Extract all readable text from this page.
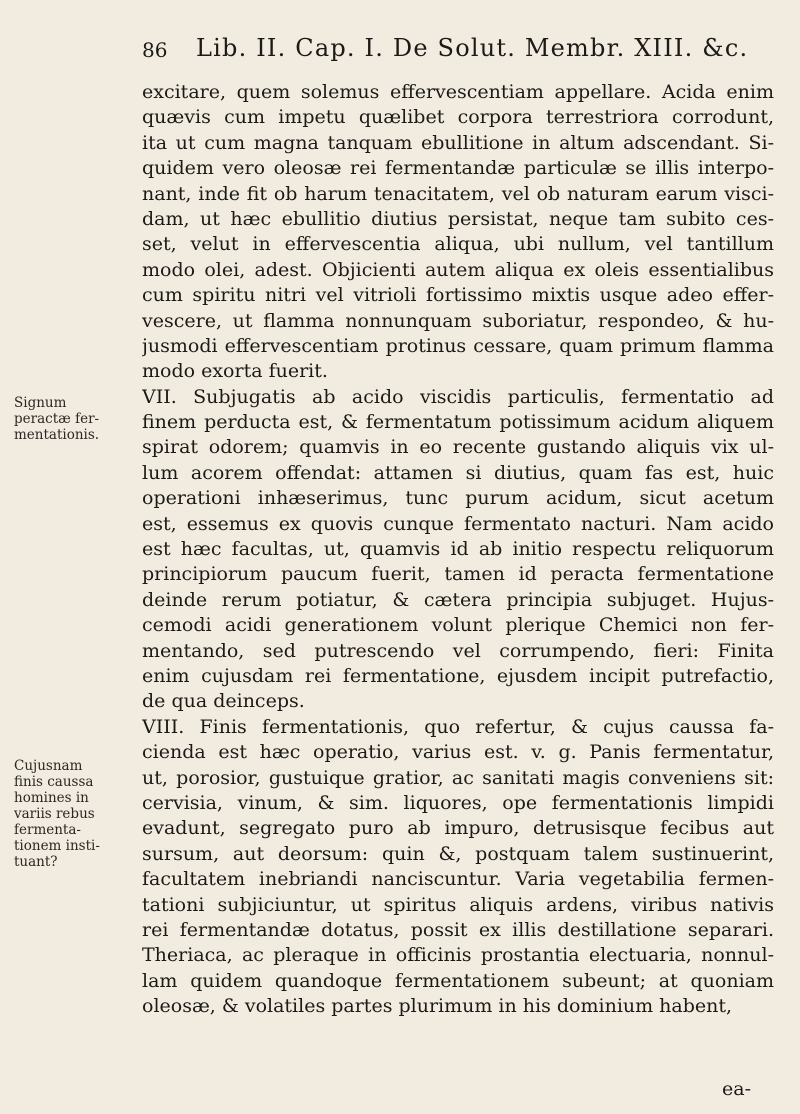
86 Lib. II. Cap. I. De Solut. Membr. XIII. &c.
Signum
peractæ fer-
mentationis.
Cujusnam
finis caussa
homines in
variis rebus
fermenta-
tionem insti-
tuant?
excitare, quem solemus effervescentiam appellare. Acida enim
quævis cum impetu quælibet corpora terrestriora corrodunt,
ita ut cum magna tanquam ebullitione in altum adscendant. Si-
quidem vero oleosæ rei fermentandæ particulæ se illis interpo-
nant, inde fit ob harum tenacitatem, vel ob naturam earum visci-
dam, ut hæc ebullitio diutius persistat, neque tam subito ces-
set, velut in effervescentia aliqua, ubi nullum, vel tantillum
modo olei, adest. Objicienti autem aliqua ex oleis essentialibus
cum spiritu nitri vel vitrioli fortissimo mixtis usque adeo effer-
vescere, ut flamma nonnunquam suboriatur, respondeo, & hu-
jusmodi effervescentiam protinus cessare, quam primum flamma
modo exorta fuerit.
VII. Subjugatis ab acido viscidis particulis, fermentatio ad
finem perducta est, & fermentatum potissimum acidum aliquem
spirat odorem; quamvis in eo recente gustando aliquis vix ul-
lum acorem offendat: attamen si diutius, quam fas est, huic
operationi inhæserimus, tunc purum acidum, sicut acetum
est, essemus ex quovis cunque fermentato nacturi. Nam acido
est hæc facultas, ut, quamvis id ab initio respectu reliquorum
principiorum paucum fuerit, tamen id peracta fermentatione
deinde rerum potiatur, & cætera principia subjuget. Hujus-
cemodi acidi generationem volunt plerique Chemici non fer-
mentando, sed putrescendo vel corrumpendo, fieri: Finita
enim cujusdam rei fermentatione, ejusdem incipit putrefactio,
de qua deinceps.
VIII. Finis fermentationis, quo refertur, & cujus caussa fa-
cienda est hæc operatio, varius est. v. g. Panis fermentatur,
ut, porosior, gustuique gratior, ac sanitati magis conveniens sit:
cervisia, vinum, & sim. liquores, ope fermentationis limpidi
evadunt, segregato puro ab impuro, detrusisque fecibus aut
sursum, aut deorsum: quin &, postquam talem sustinuerint,
facultatem inebriandi nanciscuntur. Varia vegetabilia fermen-
tationi subjiciuntur, ut spiritus aliquis ardens, viribus nativis
rei fermentandæ dotatus, possit ex illis destillatione separari.
Theriaca, ac pleraque in officinis prostantia electuaria, nonnul-
lam quidem quandoque fermentationem subeunt; at quoniam
oleosæ, & volatiles partes plurimum in his dominium habent,
ea-
